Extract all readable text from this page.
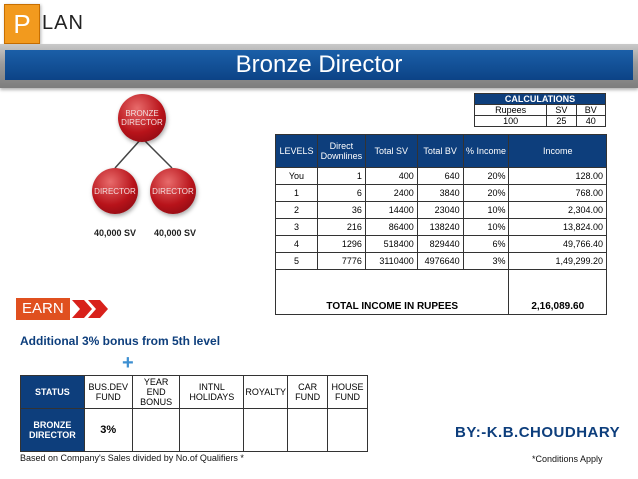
P LAN
Bronze Director
BRONZE
DIRECTOR
DIRECTOR DIRECTOR
40,000 SV 40,000 SV
CALCULATIONS		
Rupees	SV	BV
100	25	40
LEVELS	Direct Downlines	Total SV	Total BV	% Income	Income
You	1	400	640	20%	128.00
1	6	2400	3840	20%	768.00
2	36	14400	23040	10%	2,304.00
3	216	86400	138240	10%	13,824.00
4	1296	518400	829440	6%	49,766.40
5	7776	3110400	4976640	3%	1,49,299.20
TOTAL INCOME IN RUPEES					2,16,089.60
EARN
Additional 3% bonus from 5th level
+
STATUS	BUS.DEV FUND	YEAR END BONUS	INTNL HOLIDAYS	ROYALTY	CAR FUND	HOUSE FUND
BRONZE DIRECTOR	3%					
Based on Company's Sales divided by No.of Qualifiers *
BY:-K.B.CHOUDHARY
*Conditions Apply
